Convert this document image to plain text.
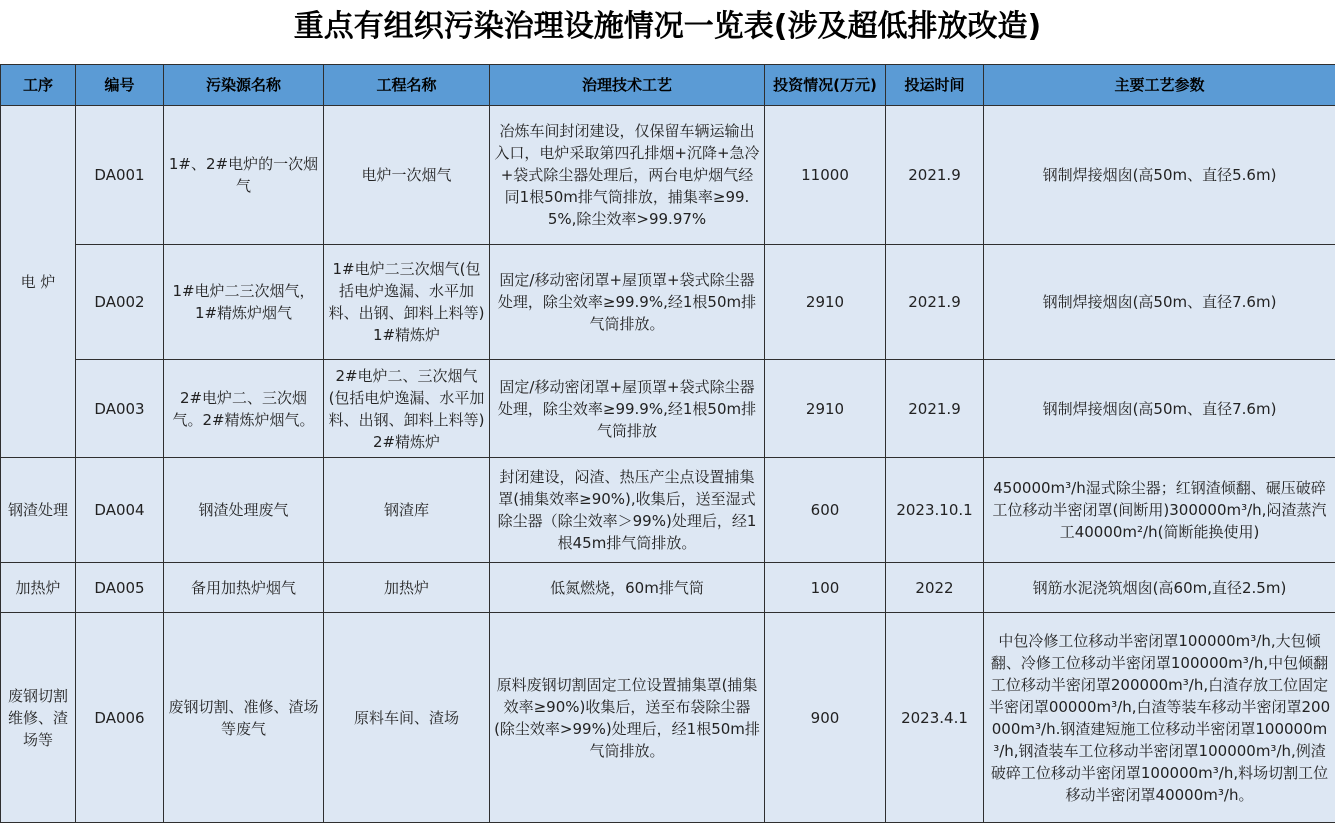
重点有组织污染治理设施情况一览表(涉及超低排放改造)
工序	编号	污染源名称	工程名称	治理技术工艺	投资情况(万元)	投运时间	主要工艺参数
电 炉	DA001	1#、2#电炉的一次烟气	电炉一次烟气	冶炼车间封闭建设，仅保留车辆运输出入口，电炉采取第四孔排烟+沉降+急冷+袋式除尘器处理后，两台电炉烟气经同1根50m排气筒排放，捕集率≥99.5%,除尘效率>99.97%	11000	2021.9	钢制焊接烟囱(高50m、直径5.6m)
	DA002	1#电炉二三次烟气，1#精炼炉烟气	1#电炉二三次烟气(包括电炉逸漏、水平加料、出钢、卸料上料等)1#精炼炉	固定/移动密闭罩+屋顶罩+袋式除尘器处理，除尘效率≥99.9%,经1根50m排气筒排放。	2910	2021.9	钢制焊接烟囱(高50m、直径7.6m)
	DA003	2#电炉二、三次烟气。2#精炼炉烟气。	2#电炉二、三次烟气(包括电炉逸漏、水平加料、出钢、卸料上料等)2#精炼炉	固定/移动密闭罩+屋顶罩+袋式除尘器处理，除尘效率≥99.9%,经1根50m排气筒排放	2910	2021.9	钢制焊接烟囱(高50m、直径7.6m)
钢渣处理	DA004	钢渣处理废气	钢渣库	封闭建设，闷渣、热压产尘点设置捕集罩(捕集效率≥90%),收集后，送至湿式除尘器（除尘效率＞99%)处理后，经1根45m排气筒排放。	600	2023.10.1	450000m³/h湿式除尘器；红钢渣倾翻、碾压破碎工位移动半密闭罩(间断用)300000m³/h,闷渣蒸汽工40000m²/h(简断能换使用)
加热炉	DA005	备用加热炉烟气	加热炉	低氮燃烧，60m排气筒	100	2022	钢筋水泥浇筑烟囱(高60m,直径2.5m)
废钢切割维修、渣场等	DA006	废钢切割、准修、渣场等废气	原料车间、渣场	原料废钢切割固定工位设置捕集罩(捕集效率≥90%)收集后，送至布袋除尘器(除尘效率>99%)处理后，经1根50m排气筒排放。	900	2023.4.1	中包冷修工位移动半密闭罩100000m³/h,大包倾翻、冷修工位移动半密闭罩100000m³/h,中包倾翻工位移动半密闭罩200000m³/h,白渣存放工位固定半密闭罩00000m³/h,白渣等装车移动半密闭罩200000m³/h.钢渣建短施工位移动半密闭罩100000m³/h,钢渣装车工位移动半密闭罩100000m³/h,例渣破碎工位移动半密闭罩100000m³/h,料场切割工位移动半密闭罩40000m³/h。
